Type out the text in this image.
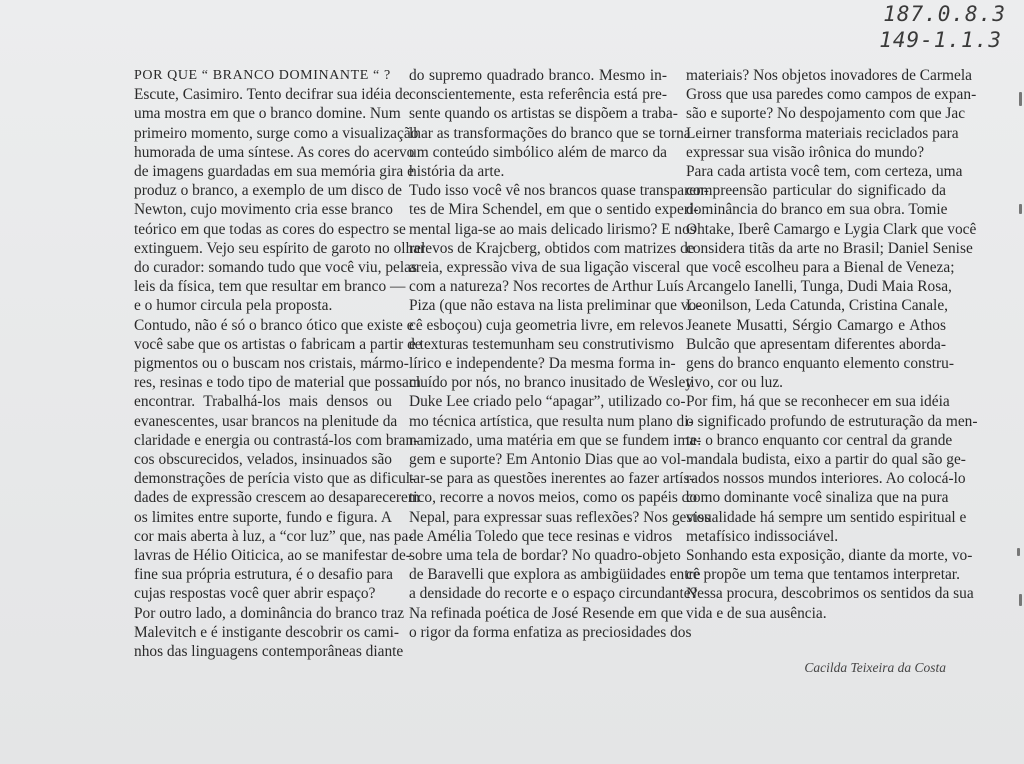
187.0.8.3
149-1.1.3
POR QUE “ BRANCO DOMINANTE “ ?
Escute, Casimiro. Tento decifrar sua idéia de
uma mostra em que o branco domine. Num
primeiro momento, surge como a visualização
humorada de uma síntese. As cores do acervo
de imagens guardadas em sua memória gira e
produz o branco, a exemplo de um disco de
Newton, cujo movimento cria esse branco
teórico em que todas as cores do espectro se
extinguem. Vejo seu espírito de garoto no olhar
do curador: somando tudo que você viu, pelas
leis da física, tem que resultar em branco —
e o humor circula pela proposta.
Contudo, não é só o branco ótico que existe e
você sabe que os artistas o fabricam a partir de
pigmentos ou o buscam nos cristais, mármo-
res, resinas e todo tipo de material que possam
encontrar. Trabalhá-los mais densos ou
evanescentes, usar brancos na plenitude da
claridade e energia ou contrastá-los com bran-
cos obscurecidos, velados, insinuados são
demonstrações de perícia visto que as dificul-
dades de expressão crescem ao desaparecerem
os limites entre suporte, fundo e figura. A
cor mais aberta à luz, a “cor luz” que, nas pa-
lavras de Hélio Oiticica, ao se manifestar de-
fine sua própria estrutura, é o desafio para
cujas respostas você quer abrir espaço?
Por outro lado, a dominância do branco traz
Malevitch e é instigante descobrir os cami-
nhos das linguagens contemporâneas diante
do supremo quadrado branco. Mesmo in-
conscientemente, esta referência está pre-
sente quando os artistas se dispõem a traba-
lhar as transformações do branco que se torna
um conteúdo simbólico além de marco da
história da arte.
Tudo isso você vê nos brancos quase transparen-
tes de Mira Schendel, em que o sentido experi-
mental liga-se ao mais delicado lirismo? E nos
relevos de Krajcberg, obtidos com matrizes de
areia, expressão viva de sua ligação visceral
com a natureza? Nos recortes de Arthur Luís
Piza (que não estava na lista preliminar que vo-
cê esboçou) cuja geometria livre, em relevos
e texturas testemunham seu construtivismo
lírico e independente? Da mesma forma in-
cluído por nós, no branco inusitado de Wesley
Duke Lee criado pelo “apagar”, utilizado co-
mo técnica artística, que resulta num plano di-
namizado, uma matéria em que se fundem ima-
gem e suporte? Em Antonio Dias que ao vol-
tar-se para as questões inerentes ao fazer artís-
tico, recorre a novos meios, como os papéis do
Nepal, para expressar suas reflexões? Nos gestos
de Amélia Toledo que tece resinas e vidros
sobre uma tela de bordar? No quadro-objeto
de Baravelli que explora as ambigüidades entre
a densidade do recorte e o espaço circundante?
Na refinada poética de José Resende em que
o rigor da forma enfatiza as preciosidades dos
materiais? Nos objetos inovadores de Carmela
Gross que usa paredes como campos de expan-
são e suporte? No despojamento com que Jac
Leirner transforma materiais reciclados para
expressar sua visão irônica do mundo?
Para cada artista você tem, com certeza, uma
compreensão particular do significado da
dominância do branco em sua obra. Tomie
Ohtake, Iberê Camargo e Lygia Clark que você
considera titãs da arte no Brasil; Daniel Senise
que você escolheu para a Bienal de Veneza;
Arcangelo Ianelli, Tunga, Dudi Maia Rosa,
Leonilson, Leda Catunda, Cristina Canale,
Jeanete Musatti, Sérgio Camargo e Athos
Bulcão que apresentam diferentes aborda-
gens do branco enquanto elemento constru-
tivo, cor ou luz.
Por fim, há que se reconhecer em sua idéia
o significado profundo de estruturação da men-
te: o branco enquanto cor central da grande
mandala budista, eixo a partir do qual são ge-
rados nossos mundos interiores. Ao colocá-lo
como dominante você sinaliza que na pura
visualidade há sempre um sentido espiritual e
metafísico indissociável.
Sonhando esta exposição, diante da morte, vo-
cê propõe um tema que tentamos interpretar.
Nessa procura, descobrimos os sentidos da sua
vida e de sua ausência.
Cacilda Teixeira da Costa
